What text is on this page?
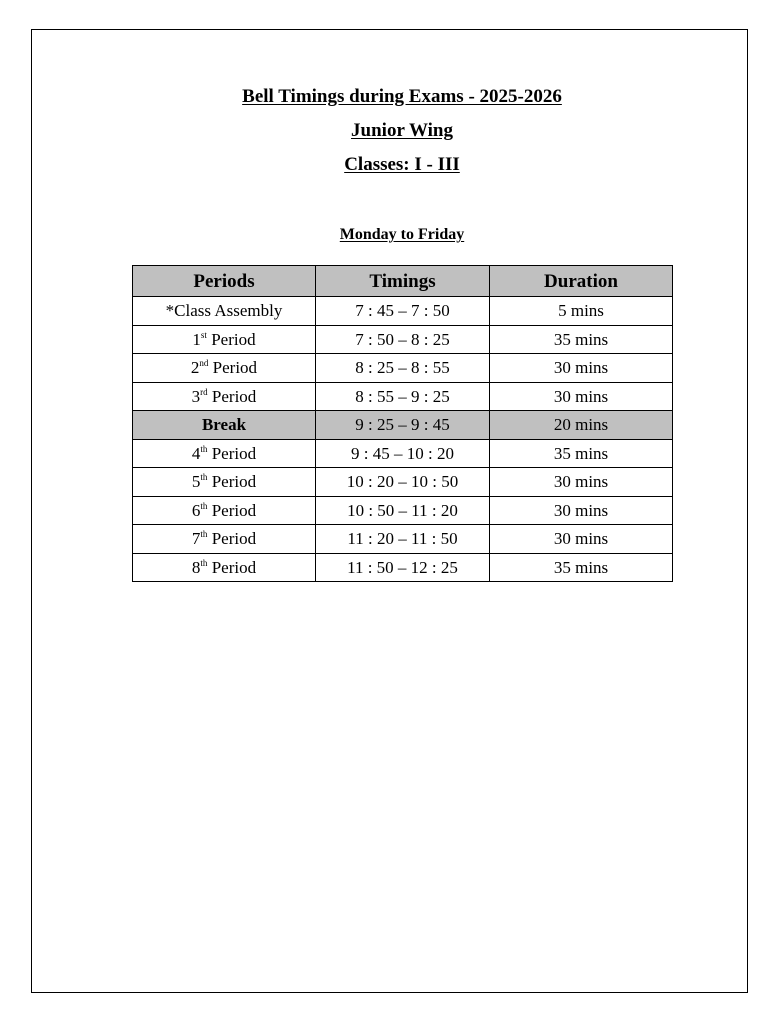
Bell Timings during Exams - 2025-2026

Junior Wing

Classes: I - III

Monday to Friday

Periods	Timings	Duration
*Class Assembly	7 : 45 – 7 : 50	5 mins
1st Period	7 : 50 – 8 : 25	35 mins
2nd Period	8 : 25 – 8 : 55	30 mins
3rd Period	8 : 55 – 9 : 25	30 mins
Break	9 : 25 – 9 : 45	20 mins
4th Period	9 : 45 – 10 : 20	35 mins
5th Period	10 : 20 – 10 : 50	30 mins
6th Period	10 : 50 – 11 : 20	30 mins
7th Period	11 : 20 – 11 : 50	30 mins
8th Period	11 : 50 – 12 : 25	35 mins
